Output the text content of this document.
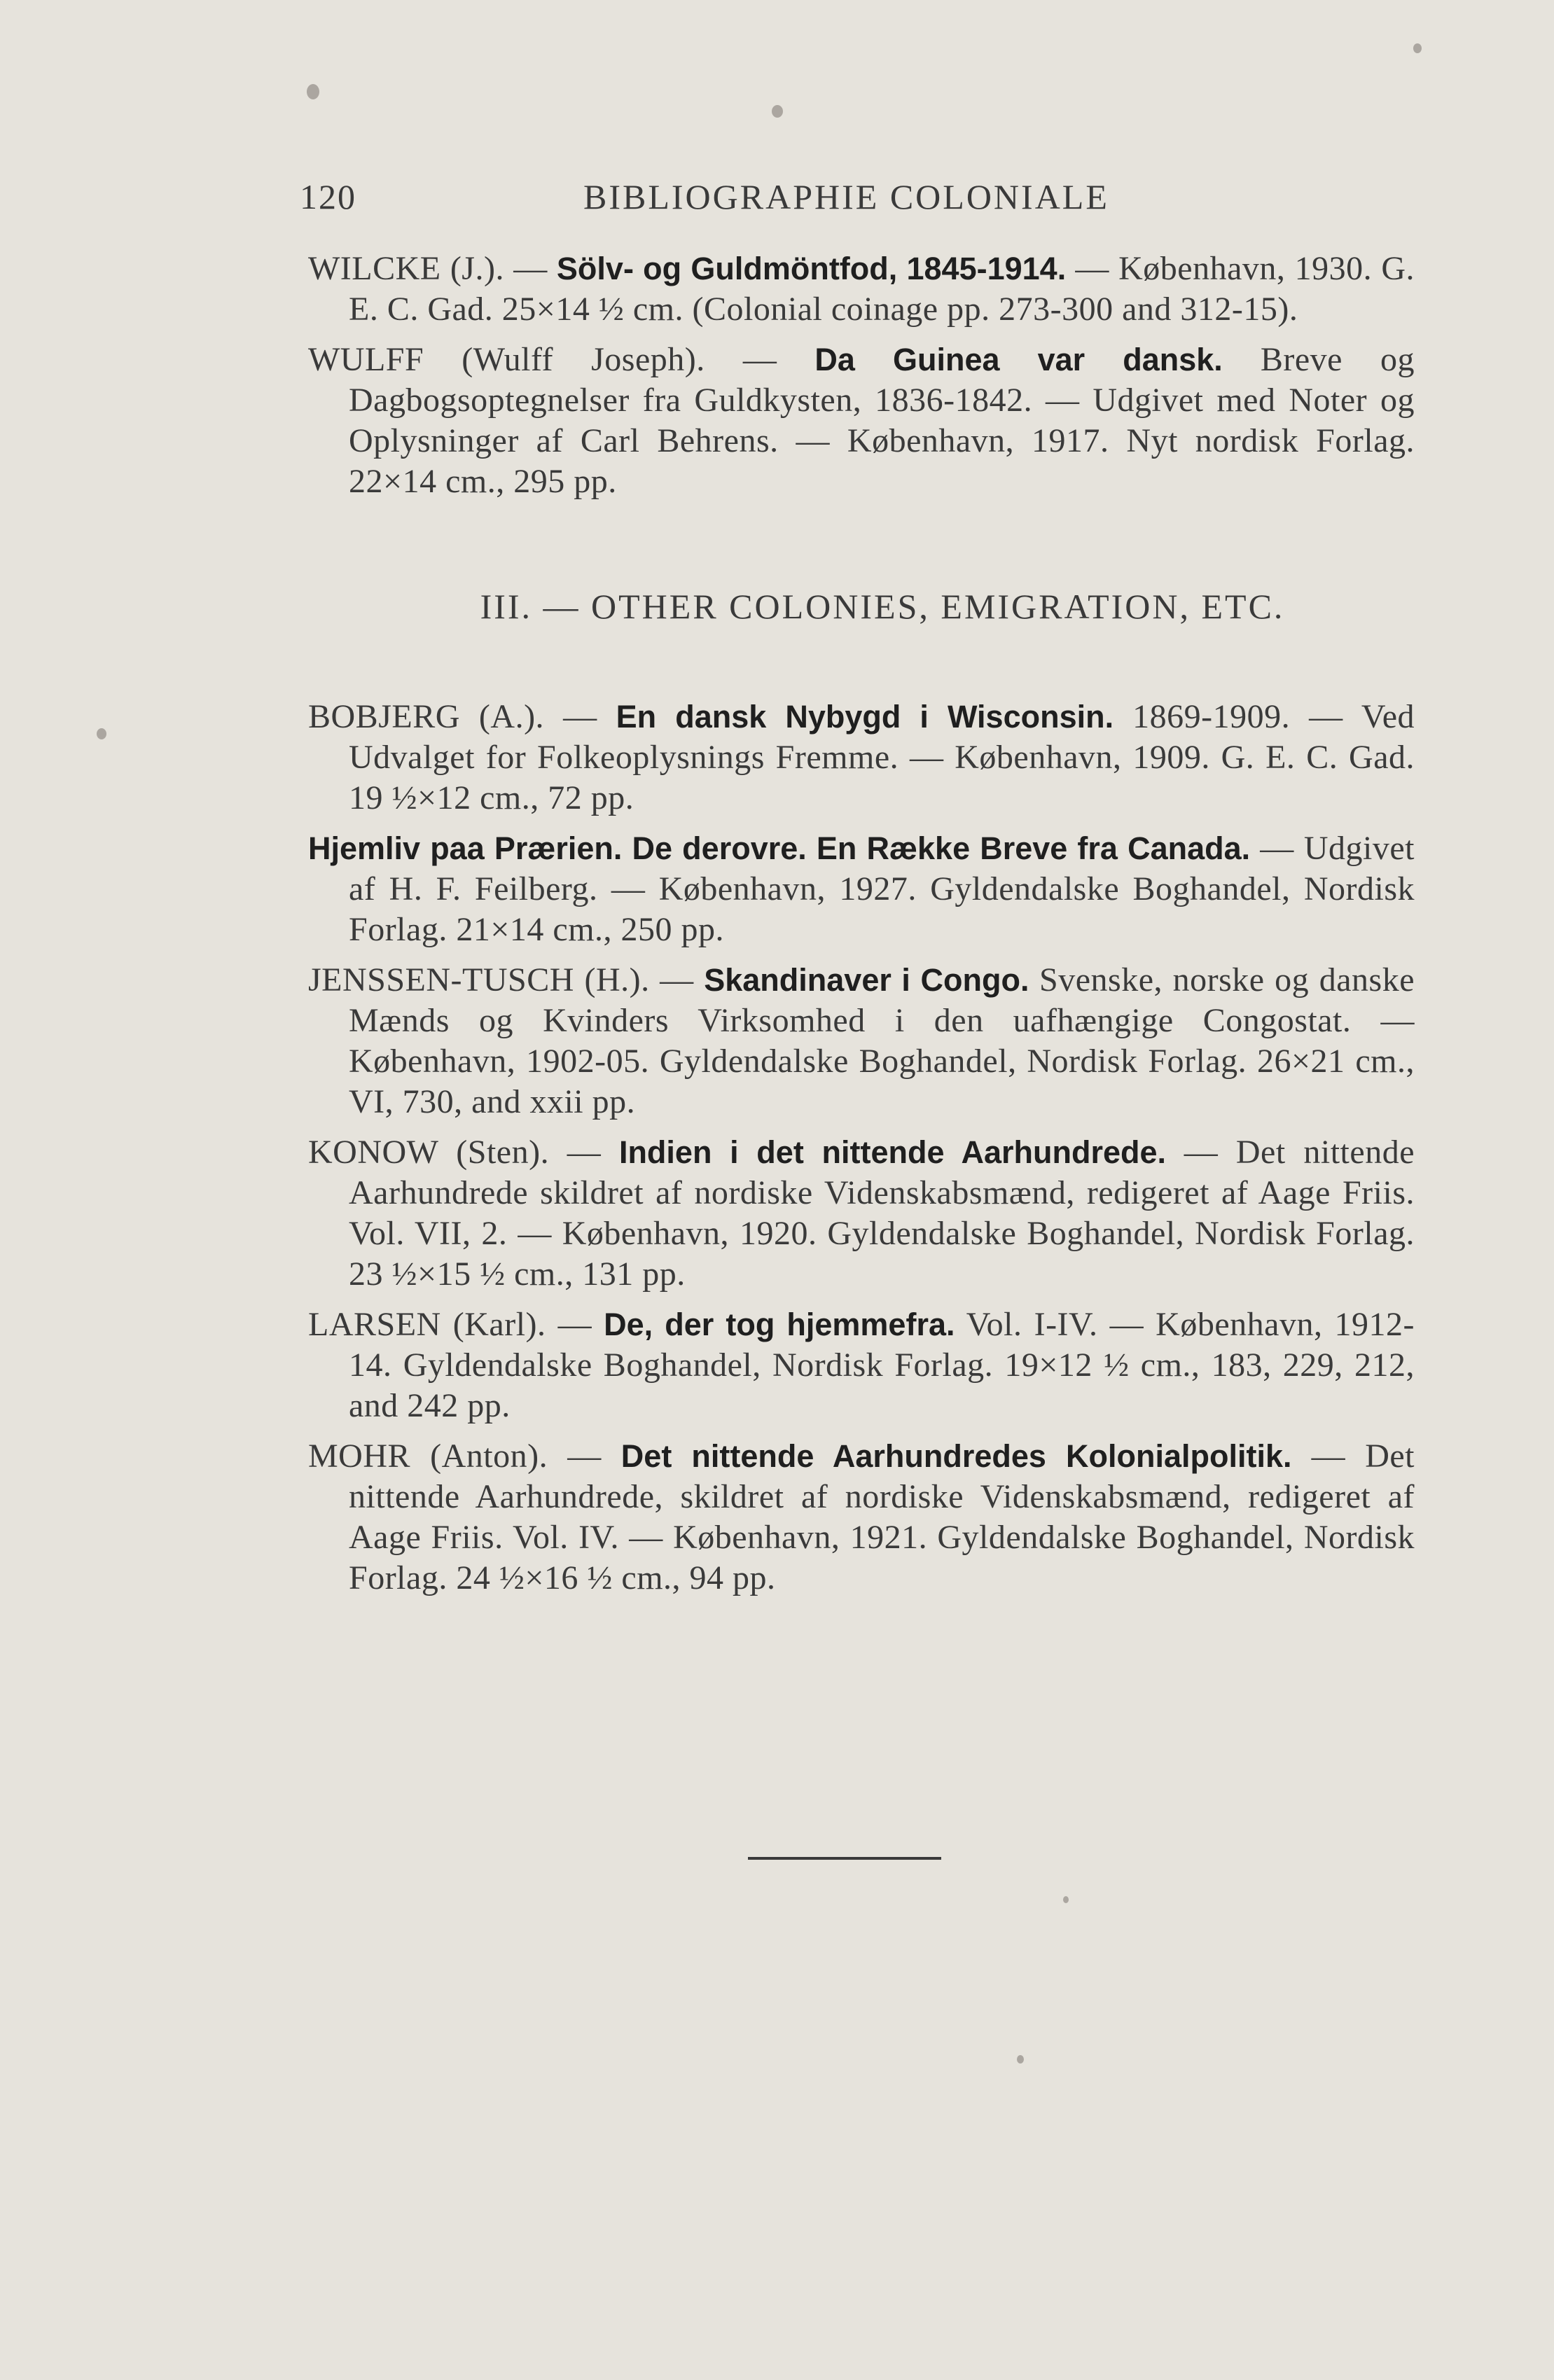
120	BIBLIOGRAPHIE COLONIALE

WILCKE (J.). — Sölv- og Guldmöntfod, 1845-1914. — København, 1930. G. E. C. Gad. 25×14 ½ cm. (Colonial coinage pp. 273-300 and 312-15).

WULFF (Wulff Joseph). — Da Guinea var dansk. Breve og Dagbogsoptegnelser fra Guldkysten, 1836-1842. — Udgivet med Noter og Oplysninger af Carl Behrens. — København, 1917. Nyt nordisk Forlag. 22×14 cm., 295 pp.

III. — OTHER COLONIES, EMIGRATION, ETC.

BOBJERG (A.). — En dansk Nybygd i Wisconsin. 1869-1909. — Ved Udvalget for Folkeoplysnings Fremme. — København, 1909. G. E. C. Gad. 19 ½×12 cm., 72 pp.

Hjemliv paa Prærien. De derovre. En Række Breve fra Canada. — Udgivet af H. F. Feilberg. — København, 1927. Gyldendalske Boghandel, Nordisk Forlag. 21×14 cm., 250 pp.

JENSSEN-TUSCH (H.). — Skandinaver i Congo. Svenske, norske og danske Mænds og Kvinders Virksomhed i den uafhængige Congostat. — København, 1902-05. Gyldendalske Boghandel, Nordisk Forlag. 26×21 cm., VI, 730, and xxii pp.

KONOW (Sten). — Indien i det nittende Aarhundrede. — Det nittende Aarhundrede skildret af nordiske Videnskabsmænd, redigeret af Aage Friis. Vol. VII, 2. — København, 1920. Gyldendalske Boghandel, Nordisk Forlag. 23 ½×15 ½ cm., 131 pp.

LARSEN (Karl). — De, der tog hjemmefra. Vol. I-IV. — København, 1912-14. Gyldendalske Boghandel, Nordisk Forlag. 19×12 ½ cm., 183, 229, 212, and 242 pp.

MOHR (Anton). — Det nittende Aarhundredes Kolonialpolitik. — Det nittende Aarhundrede, skildret af nordiske Videnskabsmænd, redigeret af Aage Friis. Vol. IV. — København, 1921. Gyldendalske Boghandel, Nordisk Forlag. 24 ½×16 ½ cm., 94 pp.
